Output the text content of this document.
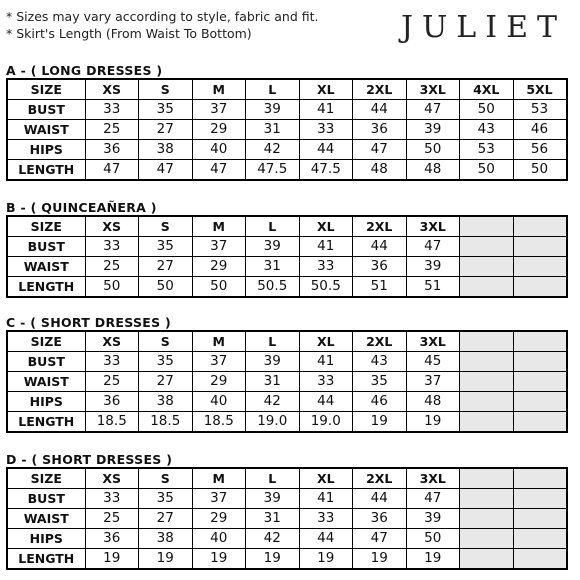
* Sizes may vary according to style, fabric and fit.
* Skirt's Length (From Waist To Bottom)	JULIET
A - ( LONG DRESSES )
SIZE	XS	S	M	L	XL	2XL	3XL	4XL	5XL
BUST	33	35	37	39	41	44	47	50	53
WAIST	25	27	29	31	33	36	39	43	46
HIPS	36	38	40	42	44	47	50	53	56
LENGTH	47	47	47	47.5	47.5	48	48	50	50
B - ( QUINCEAÑERA )
SIZE	XS	S	M	L	XL	2XL	3XL		
BUST	33	35	37	39	41	44	47		
WAIST	25	27	29	31	33	36	39		
LENGTH	50	50	50	50.5	50.5	51	51		
C - ( SHORT DRESSES )
SIZE	XS	S	M	L	XL	2XL	3XL		
BUST	33	35	37	39	41	43	45		
WAIST	25	27	29	31	33	35	37		
HIPS	36	38	40	42	44	46	48		
LENGTH	18.5	18.5	18.5	19.0	19.0	19	19		
D - ( SHORT DRESSES )
SIZE	XS	S	M	L	XL	2XL	3XL		
BUST	33	35	37	39	41	44	47		
WAIST	25	27	29	31	33	36	39		
HIPS	36	38	40	42	44	47	50		
LENGTH	19	19	19	19	19	19	19		
